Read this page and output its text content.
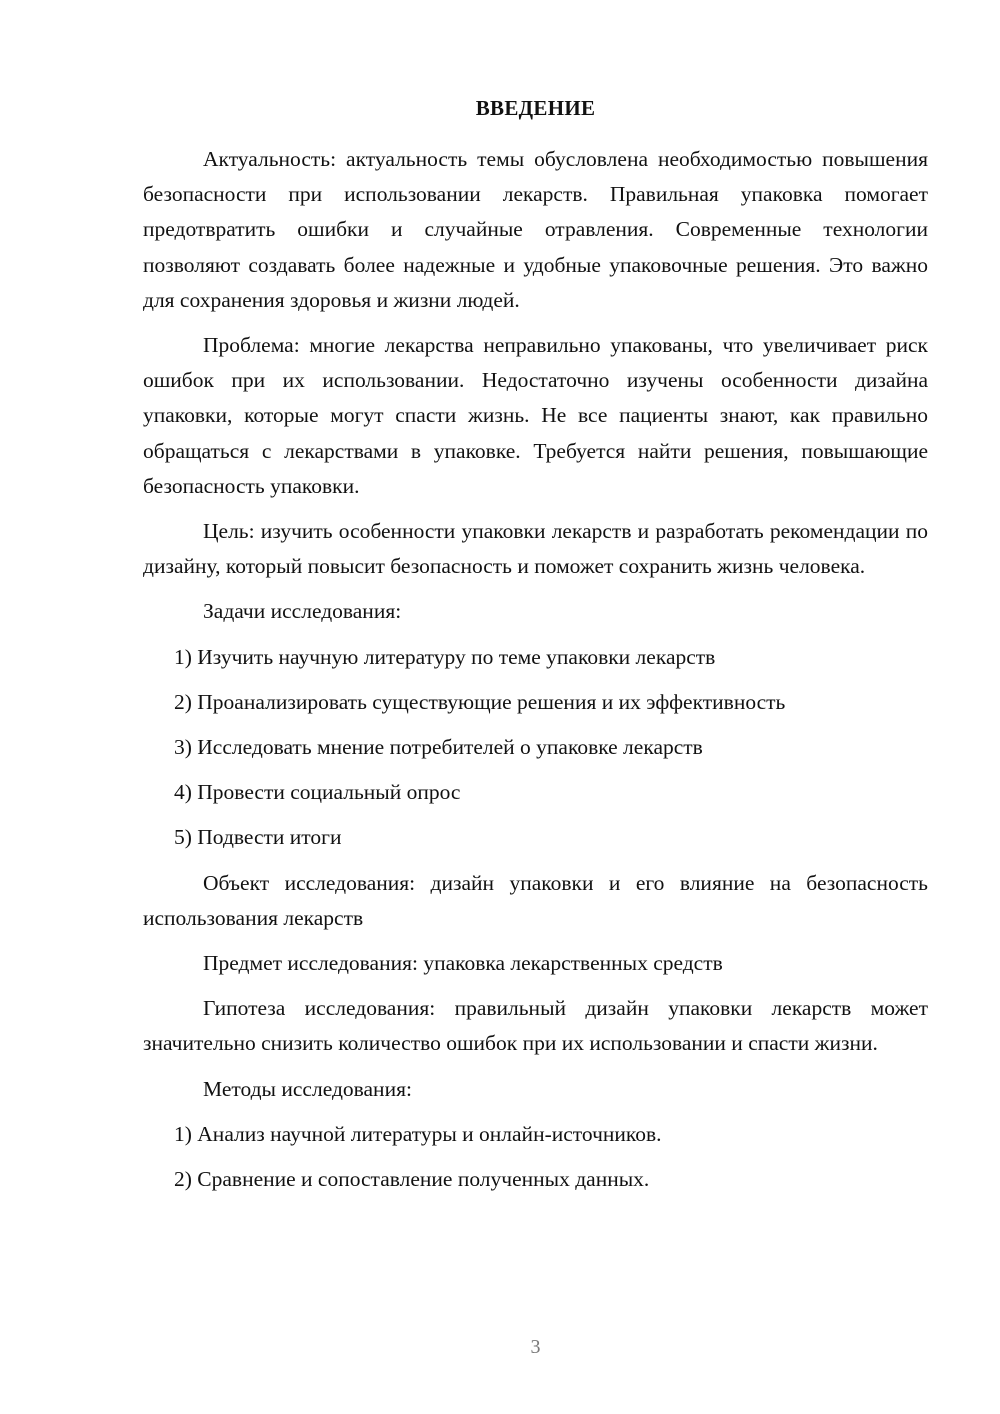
ВВЕДЕНИЕ

Актуальность: актуальность темы обусловлена необходимостью повышения безопасности при использовании лекарств. Правильная упаковка помогает предотвратить ошибки и случайные отравления. Современные технологии позволяют создавать более надежные и удобные упаковочные решения. Это важно для сохранения здоровья и жизни людей.

Проблема: многие лекарства неправильно упакованы, что увеличивает риск ошибок при их использовании. Недостаточно изучены особенности дизайна упаковки, которые могут спасти жизнь. Не все пациенты знают, как правильно обращаться с лекарствами в упаковке. Требуется найти решения, повышающие безопасность упаковки.

Цель: изучить особенности упаковки лекарств и разработать рекомендации по дизайну, который повысит безопасность и поможет сохранить жизнь человека.

Задачи исследования:
1) Изучить научную литературу по теме упаковки лекарств
2) Проанализировать существующие решения и их эффективность
3) Исследовать мнение потребителей о упаковке лекарств
4) Провести социальный опрос
5) Подвести итоги

Объект исследования: дизайн упаковки и его влияние на безопасность использования лекарств

Предмет исследования: упаковка лекарственных средств

Гипотеза исследования: правильный дизайн упаковки лекарств может значительно снизить количество ошибок при их использовании и спасти жизни.

Методы исследования:
1) Анализ научной литературы и онлайн-источников.
2) Сравнение и сопоставление полученных данных.
3
